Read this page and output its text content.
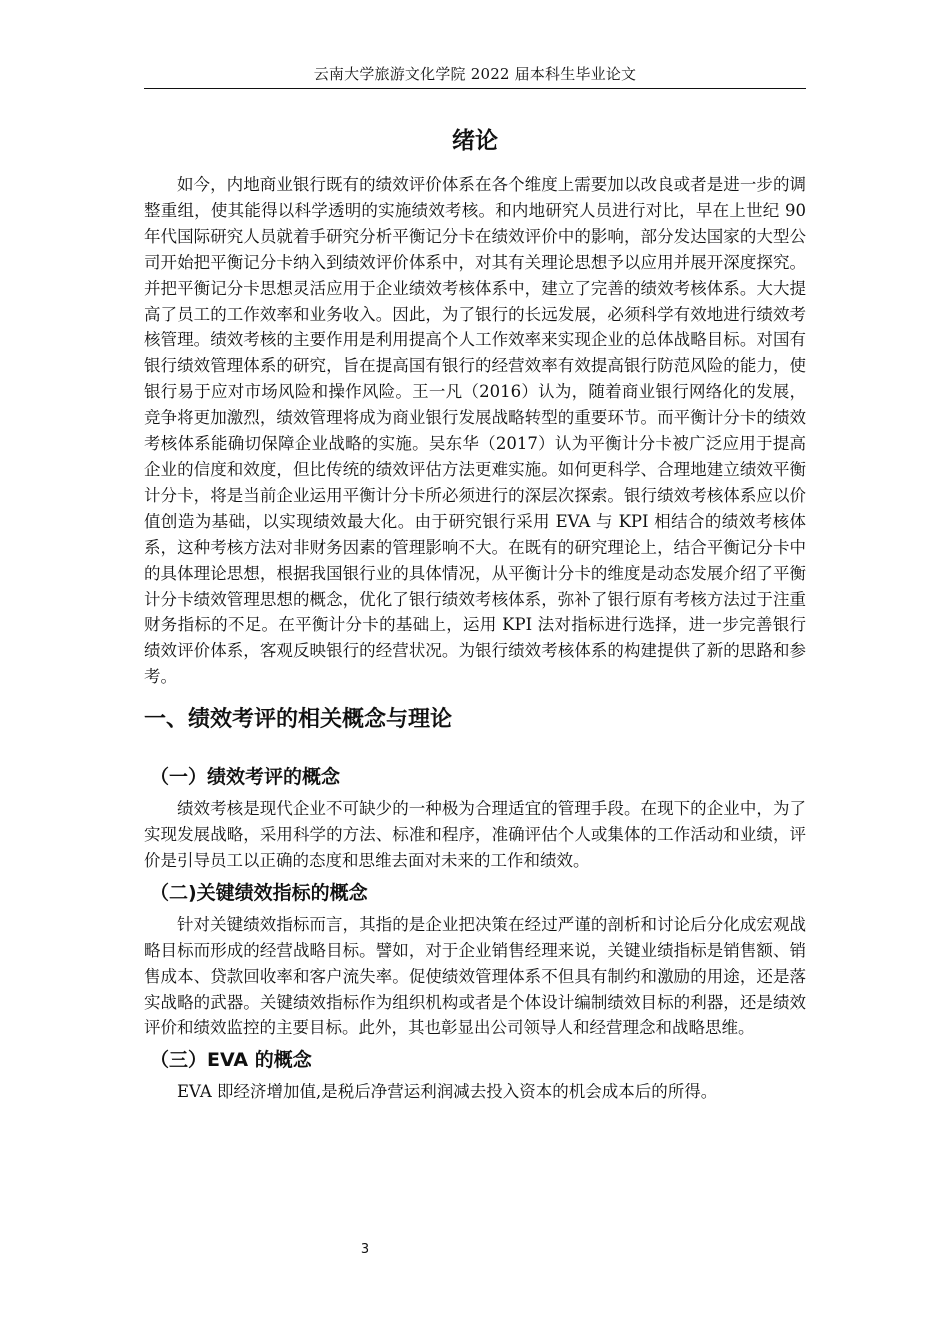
云南大学旅游文化学院 2022 届本科生毕业论文
绪论

如今，内地商业银行既有的绩效评价体系在各个维度上需要加以改良或者是进一步的调整重组，使其能得以科学透明的实施绩效考核。和内地研究人员进行对比，早在上世纪 90 年代国际研究人员就着手研究分析平衡记分卡在绩效评价中的影响，部分发达国家的大型公司开始把平衡记分卡纳入到绩效评价体系中，对其有关理论思想予以应用并展开深度探究。并把平衡记分卡思想灵活应用于企业绩效考核体系中，建立了完善的绩效考核体系。大大提高了员工的工作效率和业务收入。因此，为了银行的长远发展，必须科学有效地进行绩效考核管理。绩效考核的主要作用是利用提高个人工作效率来实现企业的总体战略目标。对国有银行绩效管理体系的研究，旨在提高国有银行的经营效率有效提高银行防范风险的能力，使银行易于应对市场风险和操作风险。王一凡（2016）认为，随着商业银行网络化的发展，竞争将更加激烈，绩效管理将成为商业银行发展战略转型的重要环节。而平衡计分卡的绩效考核体系能确切保障企业战略的实施。吴东华（2017）认为平衡计分卡被广泛应用于提高企业的信度和效度，但比传统的绩效评估方法更难实施。如何更科学、合理地建立绩效平衡计分卡，将是当前企业运用平衡计分卡所必须进行的深层次探索。银行绩效考核体系应以价值创造为基础，以实现绩效最大化。由于研究银行采用 EVA 与 KPI 相结合的绩效考核体系，这种考核方法对非财务因素的管理影响不大。在既有的研究理论上，结合平衡记分卡中的具体理论思想，根据我国银行业的具体情况，从平衡计分卡的维度是动态发展介绍了平衡计分卡绩效管理思想的概念，优化了银行绩效考核体系，弥补了银行原有考核方法过于注重财务指标的不足。在平衡计分卡的基础上，运用 KPI 法对指标进行选择，进一步完善银行绩效评价体系，客观反映银行的经营状况。为银行绩效考核体系的构建提供了新的思路和参考。

一、绩效考评的相关概念与理论
（一）绩效考评的概念

绩效考核是现代企业不可缺少的一种极为合理适宜的管理手段。在现下的企业中，为了实现发展战略，采用科学的方法、标准和程序，准确评估个人或集体的工作活动和业绩，评价是引导员工以正确的态度和思维去面对未来的工作和绩效。

（二)关键绩效指标的概念

针对关键绩效指标而言，其指的是企业把决策在经过严谨的剖析和讨论后分化成宏观战略目标而形成的经营战略目标。譬如，对于企业销售经理来说，关键业绩指标是销售额、销售成本、贷款回收率和客户流失率。促使绩效管理体系不但具有制约和激励的用途，还是落实战略的武器。关键绩效指标作为组织机构或者是个体设计编制绩效目标的利器，还是绩效评价和绩效监控的主要目标。此外，其也彰显出公司领导人和经营理念和战略思维。

（三）EVA 的概念

EVA 即经济增加值,是税后净营运利润减去投入资本的机会成本后的所得。

3
